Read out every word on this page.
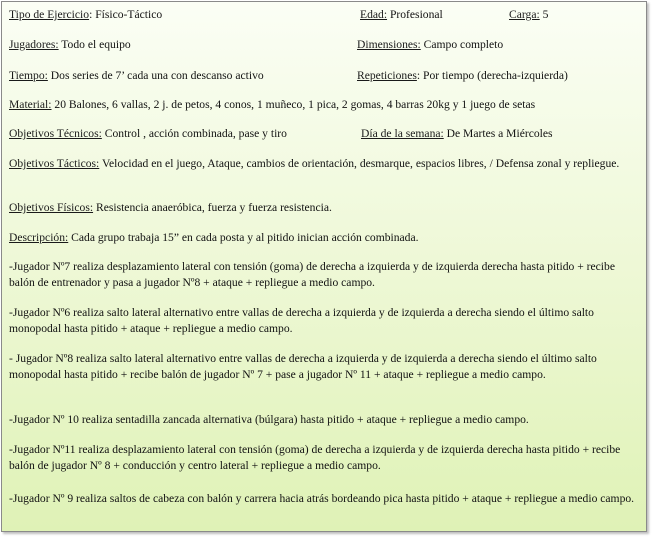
Tipo de Ejercicio: Físico-Táctico	Edad: Profesional	Carga: 5
Jugadores: Todo el equipo	Dimensiones: Campo completo
Tiempo: Dos series de 7’ cada una con descanso activo	Repeticiones: Por tiempo (derecha-izquierda)
Material: 20 Balones, 6 vallas, 2 j. de petos, 4 conos, 1 muñeco, 1 pica, 2 gomas, 4 barras 20kg y 1 juego de setas
Objetivos Técnicos: Control , acción combinada, pase y tiro	Día de la semana: De Martes a Miércoles
Objetivos Tácticos: Velocidad en el juego, Ataque, cambios de orientación, desmarque, espacios libres, / Defensa zonal y repliegue.
Objetivos Físicos: Resistencia anaeróbica, fuerza y fuerza resistencia.
Descripción: Cada grupo trabaja 15” en cada posta y al pitido inician acción combinada.
-Jugador Nº7 realiza desplazamiento lateral con tensión (goma) de derecha a izquierda y de izquierda derecha hasta pitido + recibe balón de entrenador y pasa a jugador Nº8 + ataque + repliegue a medio campo.
-Jugador Nº6 realiza salto lateral alternativo entre vallas de derecha a izquierda y de izquierda a derecha siendo el último salto monopodal hasta pitido + ataque + repliegue a medio campo.
- Jugador Nº8 realiza salto lateral alternativo entre vallas de derecha a izquierda y de izquierda a derecha siendo el último salto monopodal hasta pitido + recibe balón de jugador Nº 7 + pase a jugador Nº 11 + ataque + repliegue a medio campo.
-Jugador Nº 10 realiza sentadilla zancada alternativa (búlgara) hasta pitido + ataque + repliegue a medio campo.
-Jugador Nº11 realiza desplazamiento lateral con tensión (goma) de derecha a izquierda y de izquierda derecha hasta pitido + recibe balón de jugador Nº 8 + conducción y centro lateral + repliegue a medio campo.
-Jugador Nº 9 realiza saltos de cabeza con balón y carrera hacia atrás bordeando pica hasta pitido + ataque + repliegue a medio campo.
